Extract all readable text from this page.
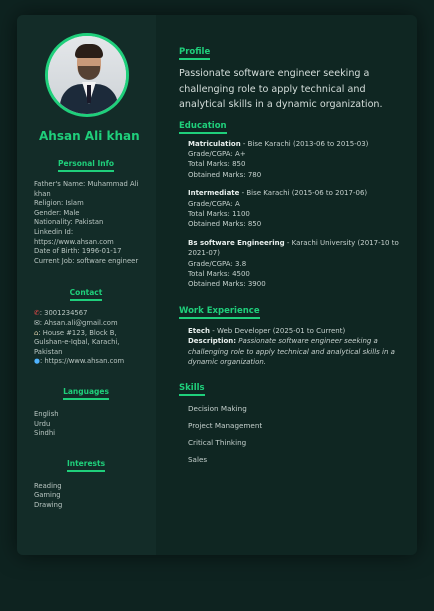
Ahsan Ali khan
Personal Info
Father's Name: Muhammad Ali khan
Religion: Islam
Gender: Male
Nationality: Pakistan
Linkedin Id: https://www.ahsan.com
Date of Birth: 1996-01-17
Current Job: software engineer
Contact
✆: 3001234567
✉: Ahsan.ali@gmail.com
⌂: House #123, Block B, Gulshan-e-Iqbal, Karachi, Pakistan
●: https://www.ahsan.com
Languages
English
Urdu
Sindhi
Interests
Reading
Gaming
Drawing
Profile
Passionate software engineer seeking a challenging role to apply technical and analytical skills in a dynamic organization.
Education
Matriculation - Bise Karachi (2013-06 to 2015-03)
Grade/CGPA: A+
Total Marks: 850
Obtained Marks: 780
Intermediate - Bise Karachi (2015-06 to 2017-06)
Grade/CGPA: A
Total Marks: 1100
Obtained Marks: 850
Bs software Engineering - Karachi University (2017-10 to 2021-07)
Grade/CGPA: 3.8
Total Marks: 4500
Obtained Marks: 3900
Work Experience
Etech - Web Developer (2025-01 to Current)
Description: Passionate software engineer seeking a challenging role to apply technical and analytical skills in a dynamic organization.
Skills
Decision Making
Project Management
Critical Thinking
Sales
